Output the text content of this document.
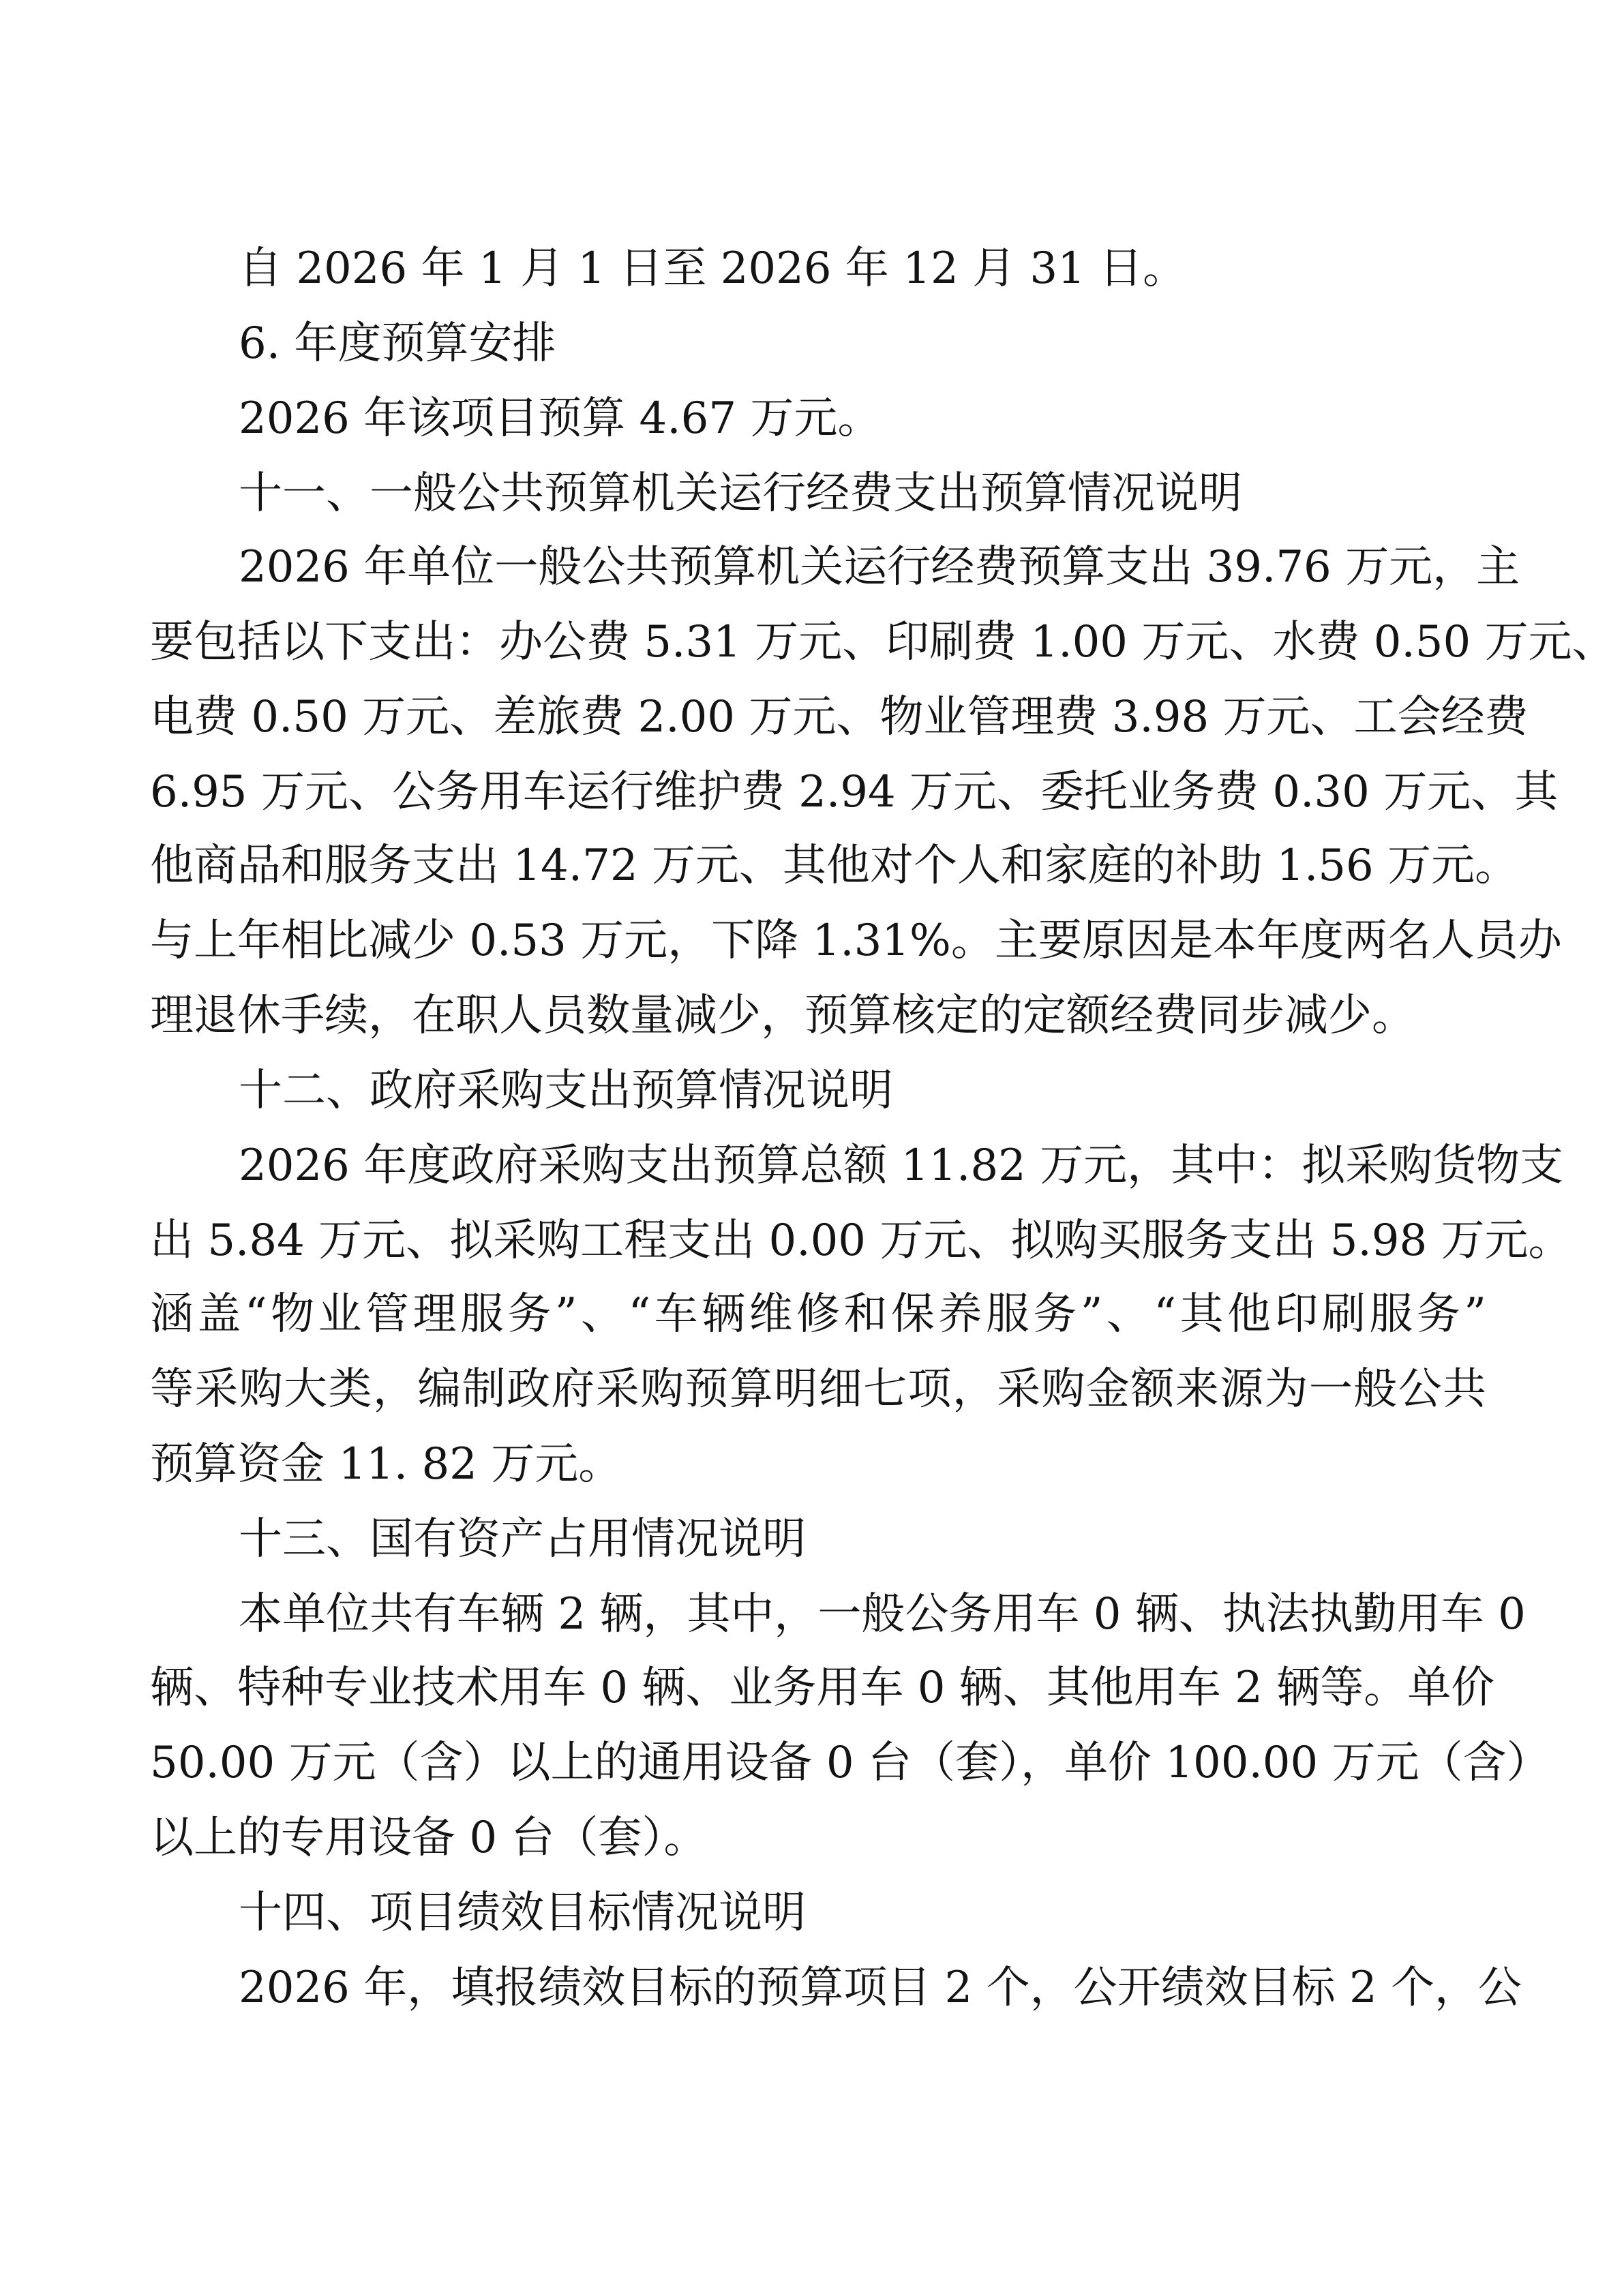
自 2026 年 1 月 1 日至 2026 年 12 月 31 日。
6. 年度预算安排
2026 年该项目预算 4.67 万元。
十一、一般公共预算机关运行经费支出预算情况说明
2026 年单位一般公共预算机关运行经费预算支出 39.76 万元，主
要包括以下支出：办公费 5.31 万元、印刷费 1.00 万元、水费 0.50 万元、
电费 0.50 万元、差旅费 2.00 万元、物业管理费 3.98 万元、工会经费
6.95 万元、公务用车运行维护费 2.94 万元、委托业务费 0.30 万元、其
他商品和服务支出 14.72 万元、其他对个人和家庭的补助 1.56 万元。
与上年相比减少 0.53 万元，下降 1.31%。主要原因是本年度两名人员办
理退休手续，在职人员数量减少，预算核定的定额经费同步减少。
十二、政府采购支出预算情况说明
2026 年度政府采购支出预算总额 11.82 万元，其中：拟采购货物支
出 5.84 万元、拟采购工程支出 0.00 万元、拟购买服务支出 5.98 万元。
涵盖“物业管理服务”、“车辆维修和保养服务”、“其他印刷服务”
等采购大类，编制政府采购预算明细七项，采购金额来源为一般公共
预算资金 11. 82 万元。
十三、国有资产占用情况说明
本单位共有车辆 2 辆，其中，一般公务用车 0 辆、执法执勤用车 0
辆、特种专业技术用车 0 辆、业务用车 0 辆、其他用车 2 辆等。单价
50.00 万元（含）以上的通用设备 0 台（套），单价 100.00 万元（含）
以上的专用设备 0 台（套）。
十四、项目绩效目标情况说明
2026 年，填报绩效目标的预算项目 2 个，公开绩效目标 2 个，公
